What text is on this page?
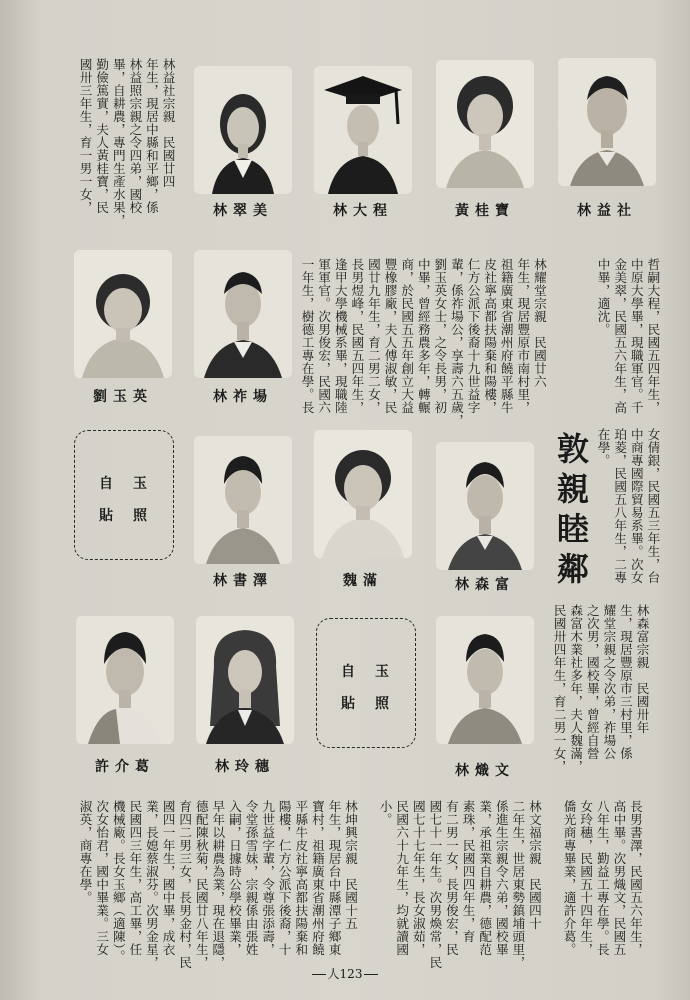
林益社宗親　民國廿四
年生，現居中縣和平鄉，係
林益照宗親之令四弟，國校
畢，自耕農，專門生產水果，
勤儉篤實，夫人黃桂寶，民
國卅三年生，育一男一女，	林翠美	林大程	黃桂寶	林益社
林耀堂宗親　民國廿六
年生，現居豐原市南村里，
祖籍廣東省潮州府饒平縣牛
皮社寧高都扶陽棄和陽樓，
仁方公派下後裔十九世益字
輩，係祚場公，享壽六五歲，
劉玉英女士，之令長男，初
中畢，曾經務農多年，轉輾
商，於民國五五年創立大益
豐橡膠廠，夫人傅淑敏，民
國廿九年生，育二男二女，
長男煜峰，民國五四年生，
逢甲大學機械系畢，現職陸
軍軍官。次男俊宏，民國六
一年生，樹德工專在學。長	哲嗣大程，民國五四年生，
中原大學畢，現職軍官。千
金美翠，民國五六年生，高
中畢，適沈。
劉玉英	林祚場
自 玉
貼 照	敦親睦鄰	女倩銀，民國五三年生，台
中商專國際貿易系畢。次女
珀菱，民國五八年生，二專
在學。
林書澤	魏滿	林森富
自 玉
貼 照
林森富宗親　民國卅年
生，現居豐原市三村里，係
耀堂宗親之令次弟，祚場公
之次男，國校畢，曾經自營
森富木業社多年，夫人魏滿，
民國卅四年生，育二男一女，
許介葛	林玲穗	林熾文
林坤興宗親　民國十五
年生，現居台中縣潭子鄉東
寶村，祖籍廣東省潮州府饒
平縣牛皮社寧高都扶陽棄和
陽樓，仁方公派下後裔，十
九世益字輩，令尊張添壽，
令堂孫雪妹，宗親係由張姓
入嗣，日據時公學校畢業，
早年以耕農為業，現在退隱，
德配陳秋菊，民國廿八年生，
育四二男三女，長男金村，民
國四一年生，國中畢，成衣
業，長媳蔡淑芬。次男金星，
民國四三年生，高工畢，任
機械廠。長女玉鄉（適陳）。
次女怡君，國中畢業。三女
淑英，商專在學。	林文福宗親　民國四十
二年生，世居東勢鎮埔頭里，
係進生宗親令六弟，國校畢
業，承祖業自耕農，德配范
素珠，民國四四年生，育
有二男一女，長男俊宏，民
國七十一年生。次男煥常，民
國七十七年生，長女淑茹，
民國六十九年生，均就讀國
小。	長男書澤，民國五六年生，
高中畢。次男熾文，民國五
八年生，勤益工專在學。長
女玲穗，民國五十四年生，
僑光商專畢業，適許介葛。
人123
